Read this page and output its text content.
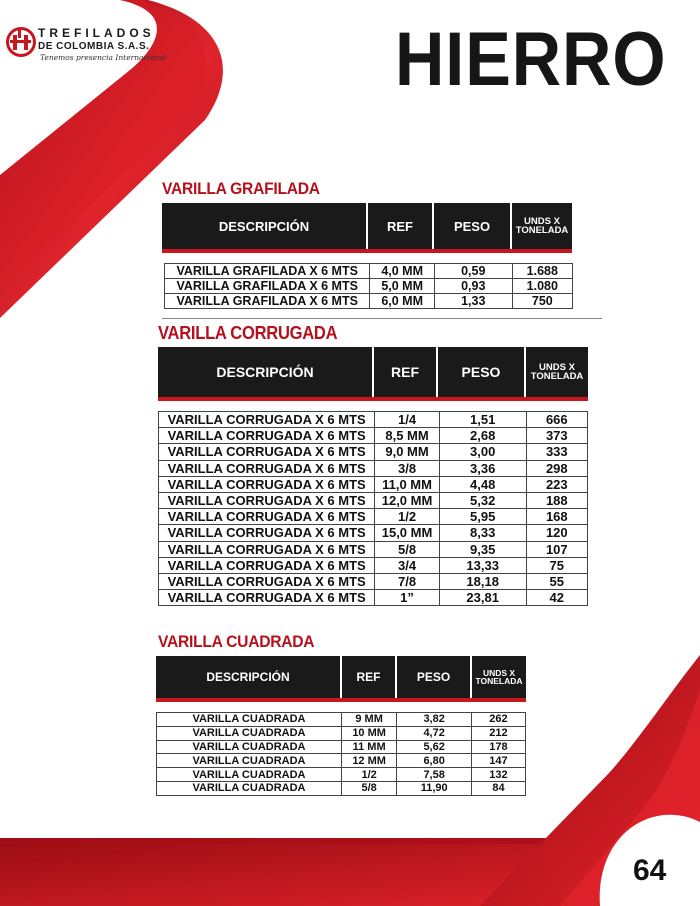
TREFILADOS
DE COLOMBIA S.A.S.
Tenemos presencia Internacional	HIERRO
VARILLA GRAFILADA
DESCRIPCIÓN	REF	PESO	UNDS X TONELADA
VARILLA GRAFILADA X 6 MTS	4,0 MM	0,59	1.688
VARILLA GRAFILADA X 6 MTS	5,0 MM	0,93	1.080
VARILLA GRAFILADA X 6 MTS	6,0 MM	1,33	750
VARILLA CORRUGADA
DESCRIPCIÓN	REF	PESO	UNDS X TONELADA
VARILLA CORRUGADA X 6 MTS	1/4	1,51	666
VARILLA CORRUGADA X 6 MTS	8,5 MM	2,68	373
VARILLA CORRUGADA X 6 MTS	9,0 MM	3,00	333
VARILLA CORRUGADA X 6 MTS	3/8	3,36	298
VARILLA CORRUGADA X 6 MTS	11,0 MM	4,48	223
VARILLA CORRUGADA X 6 MTS	12,0 MM	5,32	188
VARILLA CORRUGADA X 6 MTS	1/2	5,95	168
VARILLA CORRUGADA X 6 MTS	15,0 MM	8,33	120
VARILLA CORRUGADA X 6 MTS	5/8	9,35	107
VARILLA CORRUGADA X 6 MTS	3/4	13,33	75
VARILLA CORRUGADA X 6 MTS	7/8	18,18	55
VARILLA CORRUGADA X 6 MTS	1”	23,81	42
VARILLA CUADRADA
DESCRIPCIÓN	REF	PESO	UNDS X TONELADA
VARILLA CUADRADA	9 MM	3,82	262
VARILLA CUADRADA	10 MM	4,72	212
VARILLA CUADRADA	11 MM	5,62	178
VARILLA CUADRADA	12 MM	6,80	147
VARILLA CUADRADA	1/2	7,58	132
VARILLA CUADRADA	5/8	11,90	84
64
